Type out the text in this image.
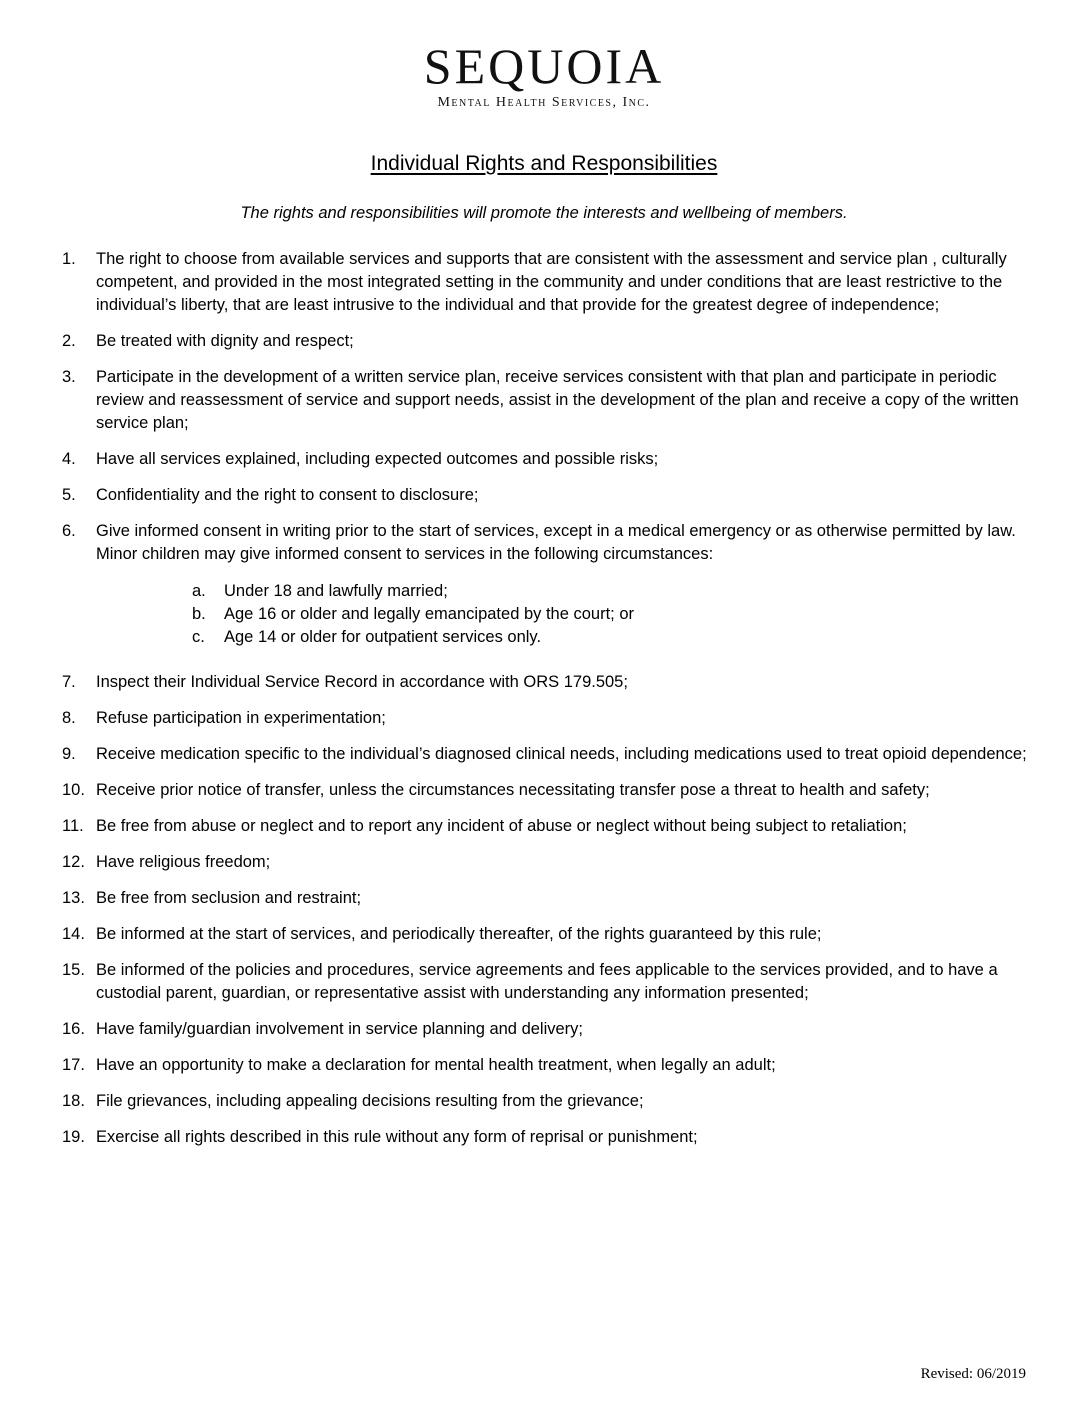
SEQUOIA
Mental Health Services, Inc.
Individual Rights and Responsibilities
The rights and responsibilities will promote the interests and wellbeing of members.
1. The right to choose from available services and supports that are consistent with the assessment and service plan , culturally competent, and provided in the most integrated setting in the community and under conditions that are least restrictive to the individual’s liberty, that are least intrusive to the individual and that provide for the greatest degree of independence;
2. Be treated with dignity and respect;
3. Participate in the development of a written service plan, receive services consistent with that plan and participate in periodic review and reassessment of service and support needs, assist in the development of the plan and receive a copy of the written service plan;
4. Have all services explained, including expected outcomes and possible risks;
5. Confidentiality and the right to consent to disclosure;
6. Give informed consent in writing prior to the start of services, except in a medical emergency or as otherwise permitted by law. Minor children may give informed consent to services in the following circumstances:
a. Under 18 and lawfully married;
b. Age 16 or older and legally emancipated by the court; or
c. Age 14 or older for outpatient services only.
7. Inspect their Individual Service Record in accordance with ORS 179.505;
8. Refuse participation in experimentation;
9. Receive medication specific to the individual’s diagnosed clinical needs, including medications used to treat opioid dependence;
10. Receive prior notice of transfer, unless the circumstances necessitating transfer pose a threat to health and safety;
11. Be free from abuse or neglect and to report any incident of abuse or neglect without being subject to retaliation;
12. Have religious freedom;
13. Be free from seclusion and restraint;
14. Be informed at the start of services, and periodically thereafter, of the rights guaranteed by this rule;
15. Be informed of the policies and procedures, service agreements and fees applicable to the services provided, and to have a custodial parent, guardian, or representative assist with understanding any information presented;
16. Have family/guardian involvement in service planning and delivery;
17. Have an opportunity to make a declaration for mental health treatment, when legally an adult;
18. File grievances, including appealing decisions resulting from the grievance;
19. Exercise all rights described in this rule without any form of reprisal or punishment;
Revised: 06/2019
